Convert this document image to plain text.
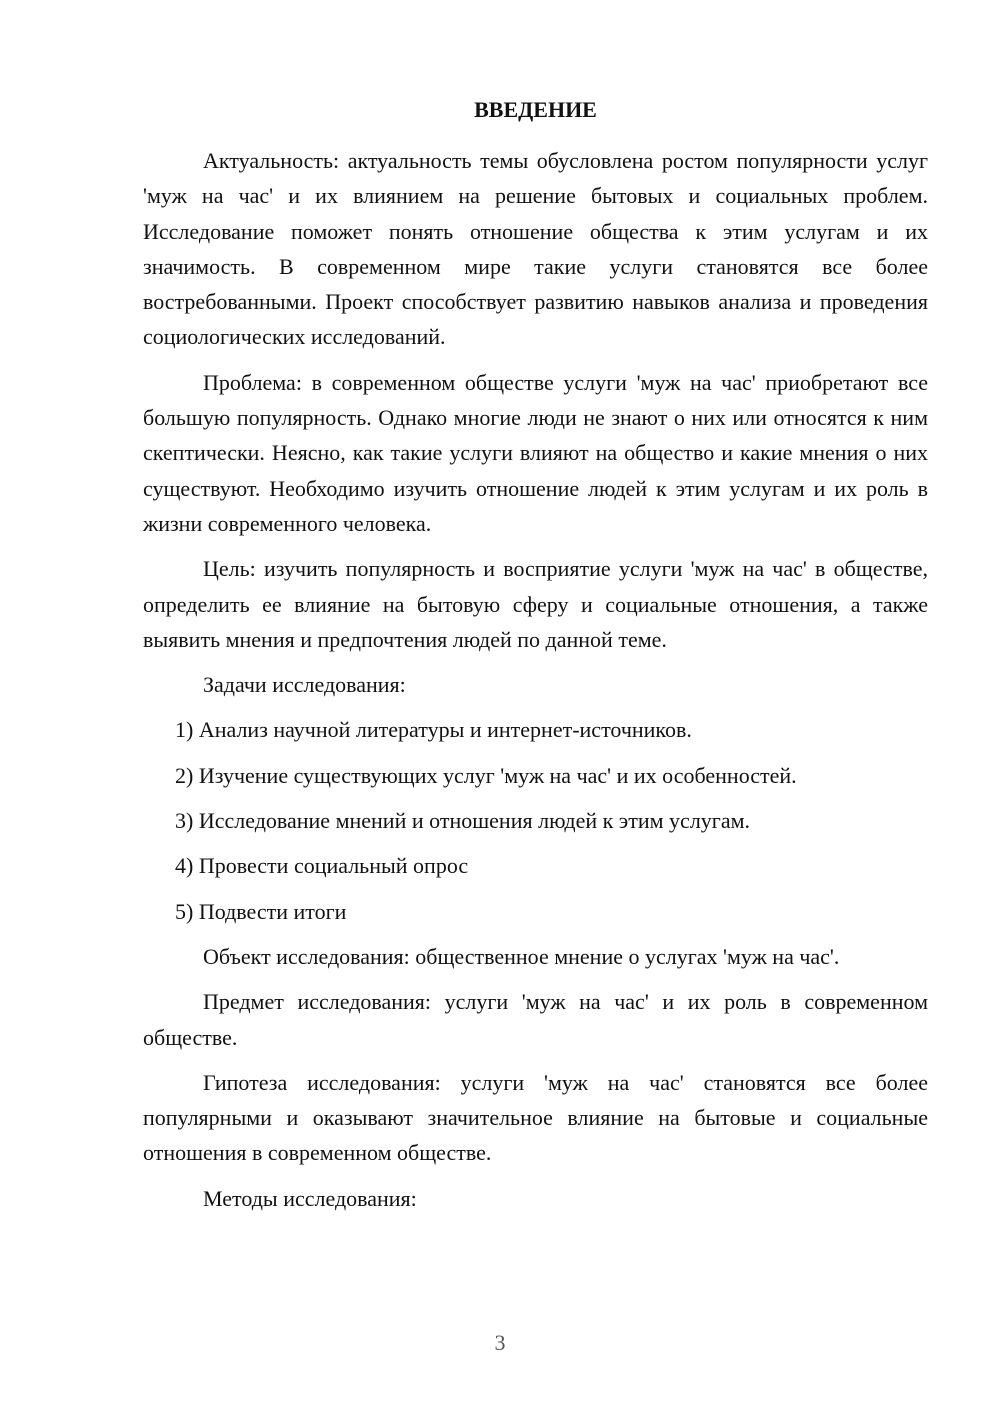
ВВЕДЕНИЕ

Актуальность: актуальность темы обусловлена ростом популярности услуг 'муж на час' и их влиянием на решение бытовых и социальных проблем. Исследование поможет понять отношение общества к этим услугам и их значимость. В современном мире такие услуги становятся все более востребованными. Проект способствует развитию навыков анализа и проведения социологических исследований.

Проблема: в современном обществе услуги 'муж на час' приобретают все большую популярность. Однако многие люди не знают о них или относятся к ним скептически. Неясно, как такие услуги влияют на общество и какие мнения о них существуют. Необходимо изучить отношение людей к этим услугам и их роль в жизни современного человека.

Цель: изучить популярность и восприятие услуги 'муж на час' в обществе, определить ее влияние на бытовую сферу и социальные отношения, а также выявить мнения и предпочтения людей по данной теме.

Задачи исследования:

1) Анализ научной литературы и интернет-источников.

2) Изучение существующих услуг 'муж на час' и их особенностей.

3) Исследование мнений и отношения людей к этим услугам.

4) Провести социальный опрос

5) Подвести итоги

Объект исследования: общественное мнение о услугах 'муж на час'.

Предмет исследования: услуги 'муж на час' и их роль в современном обществе.

Гипотеза исследования: услуги 'муж на час' становятся все более популярными и оказывают значительное влияние на бытовые и социальные отношения в современном обществе.

Методы исследования:

3
